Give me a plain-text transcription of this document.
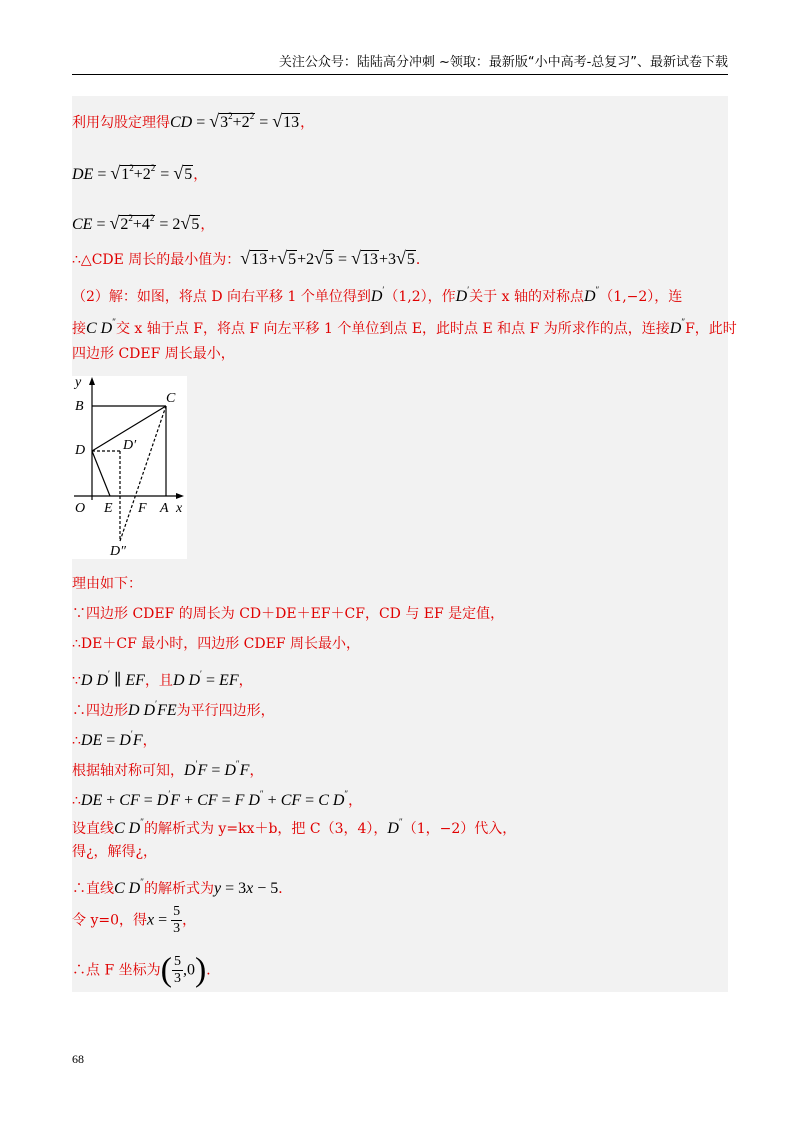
关注公众号：陆陆高分冲刺 ~领取：最新版“小中高考-总复习”、最新试卷下载
利用勾股定理得CD = $√3^2+2^2 = √13$，
DE = $√1^2+2^2 = √5$，
CE = $√2^2+4^2 = 2√5$，
∴△CDE 周长的最小值为：√13+√5+2√5 = √13+3√5．
（2）解：如图，将点 D 向右平移 1 个单位得到D′（1,2），作D′关于 x 轴的对称点D″（1,−2），连
接C D″交 x 轴于点 F，将点 F 向左平移 1 个单位到点 E，此时点 E 和点 F 为所求作的点，连接D″F，此时
四边形 CDEF 周长最小，
理由如下：
∵四边形 CDEF 的周长为 CD＋DE＋EF＋CF，CD 与 EF 是定值，
∴DE＋CF 最小时，四边形 CDEF 周长最小，
∵D D′ ∥ EF，且D D′ = EF，
∴四边形D D′FE为平行四边形，
∴DE = D′F，
根据轴对称可知，D′F = D″F，
∴DE + CF = D′F + CF = F D″ + CF = C D″，
设直线C D″的解析式为 y=kx＋b，把 C（3，4），D″（1，−2）代入，
得¿，解得¿，
∴直线C D″的解析式为y = 3x − 5．
令 y=0，得$x = \frac{5}{3}$ ，
∴点 F 坐标为( $\frac{5}{3} ,0$)．
y
B
C
D	D′
O E F A x
D″
68
